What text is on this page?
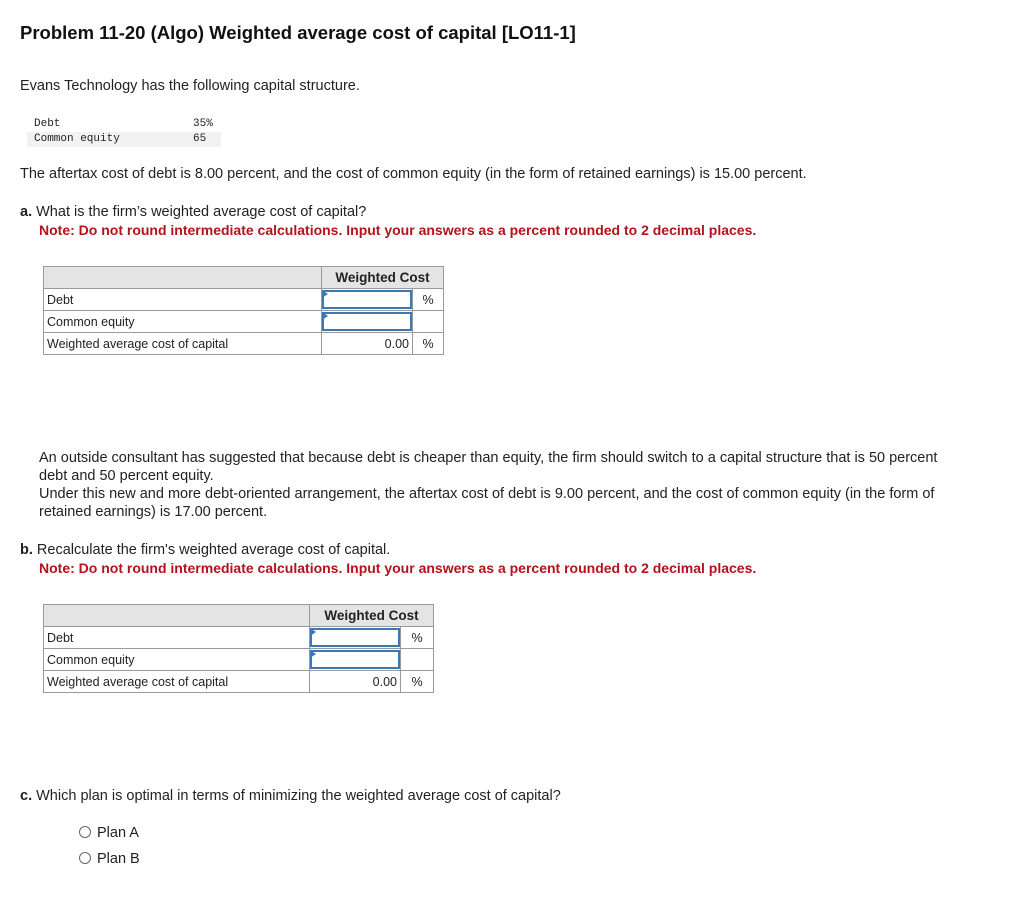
Problem 11-20 (Algo) Weighted average cost of capital [LO11-1]

Evans Technology has the following capital structure.

Debt	35%
Common equity	65

The aftertax cost of debt is 8.00 percent, and the cost of common equity (in the form of retained earnings) is 15.00 percent.

a. What is the firm’s weighted average cost of capital?

Note: Do not round intermediate calculations. Input your answers as a percent rounded to 2 decimal places.

	Weighted Cost	
Debt		%
Common equity	

Weighted average cost of capital	0.00	%

An outside consultant has suggested that because debt is cheaper than equity, the firm should switch to a capital structure that is 50 percent debt and 50 percent equity.

Under this new and more debt-oriented arrangement, the aftertax cost of debt is 9.00 percent, and the cost of common equity (in the form of retained earnings) is 17.00 percent.

b. Recalculate the firm's weighted average cost of capital.

Note: Do not round intermediate calculations. Input your answers as a percent rounded to 2 decimal places.

	Weighted Cost	
Debt		%
Common equity	

Weighted average cost of capital	0.00	%

c. Which plan is optimal in terms of minimizing the weighted average cost of capital?

Plan A
Plan B
